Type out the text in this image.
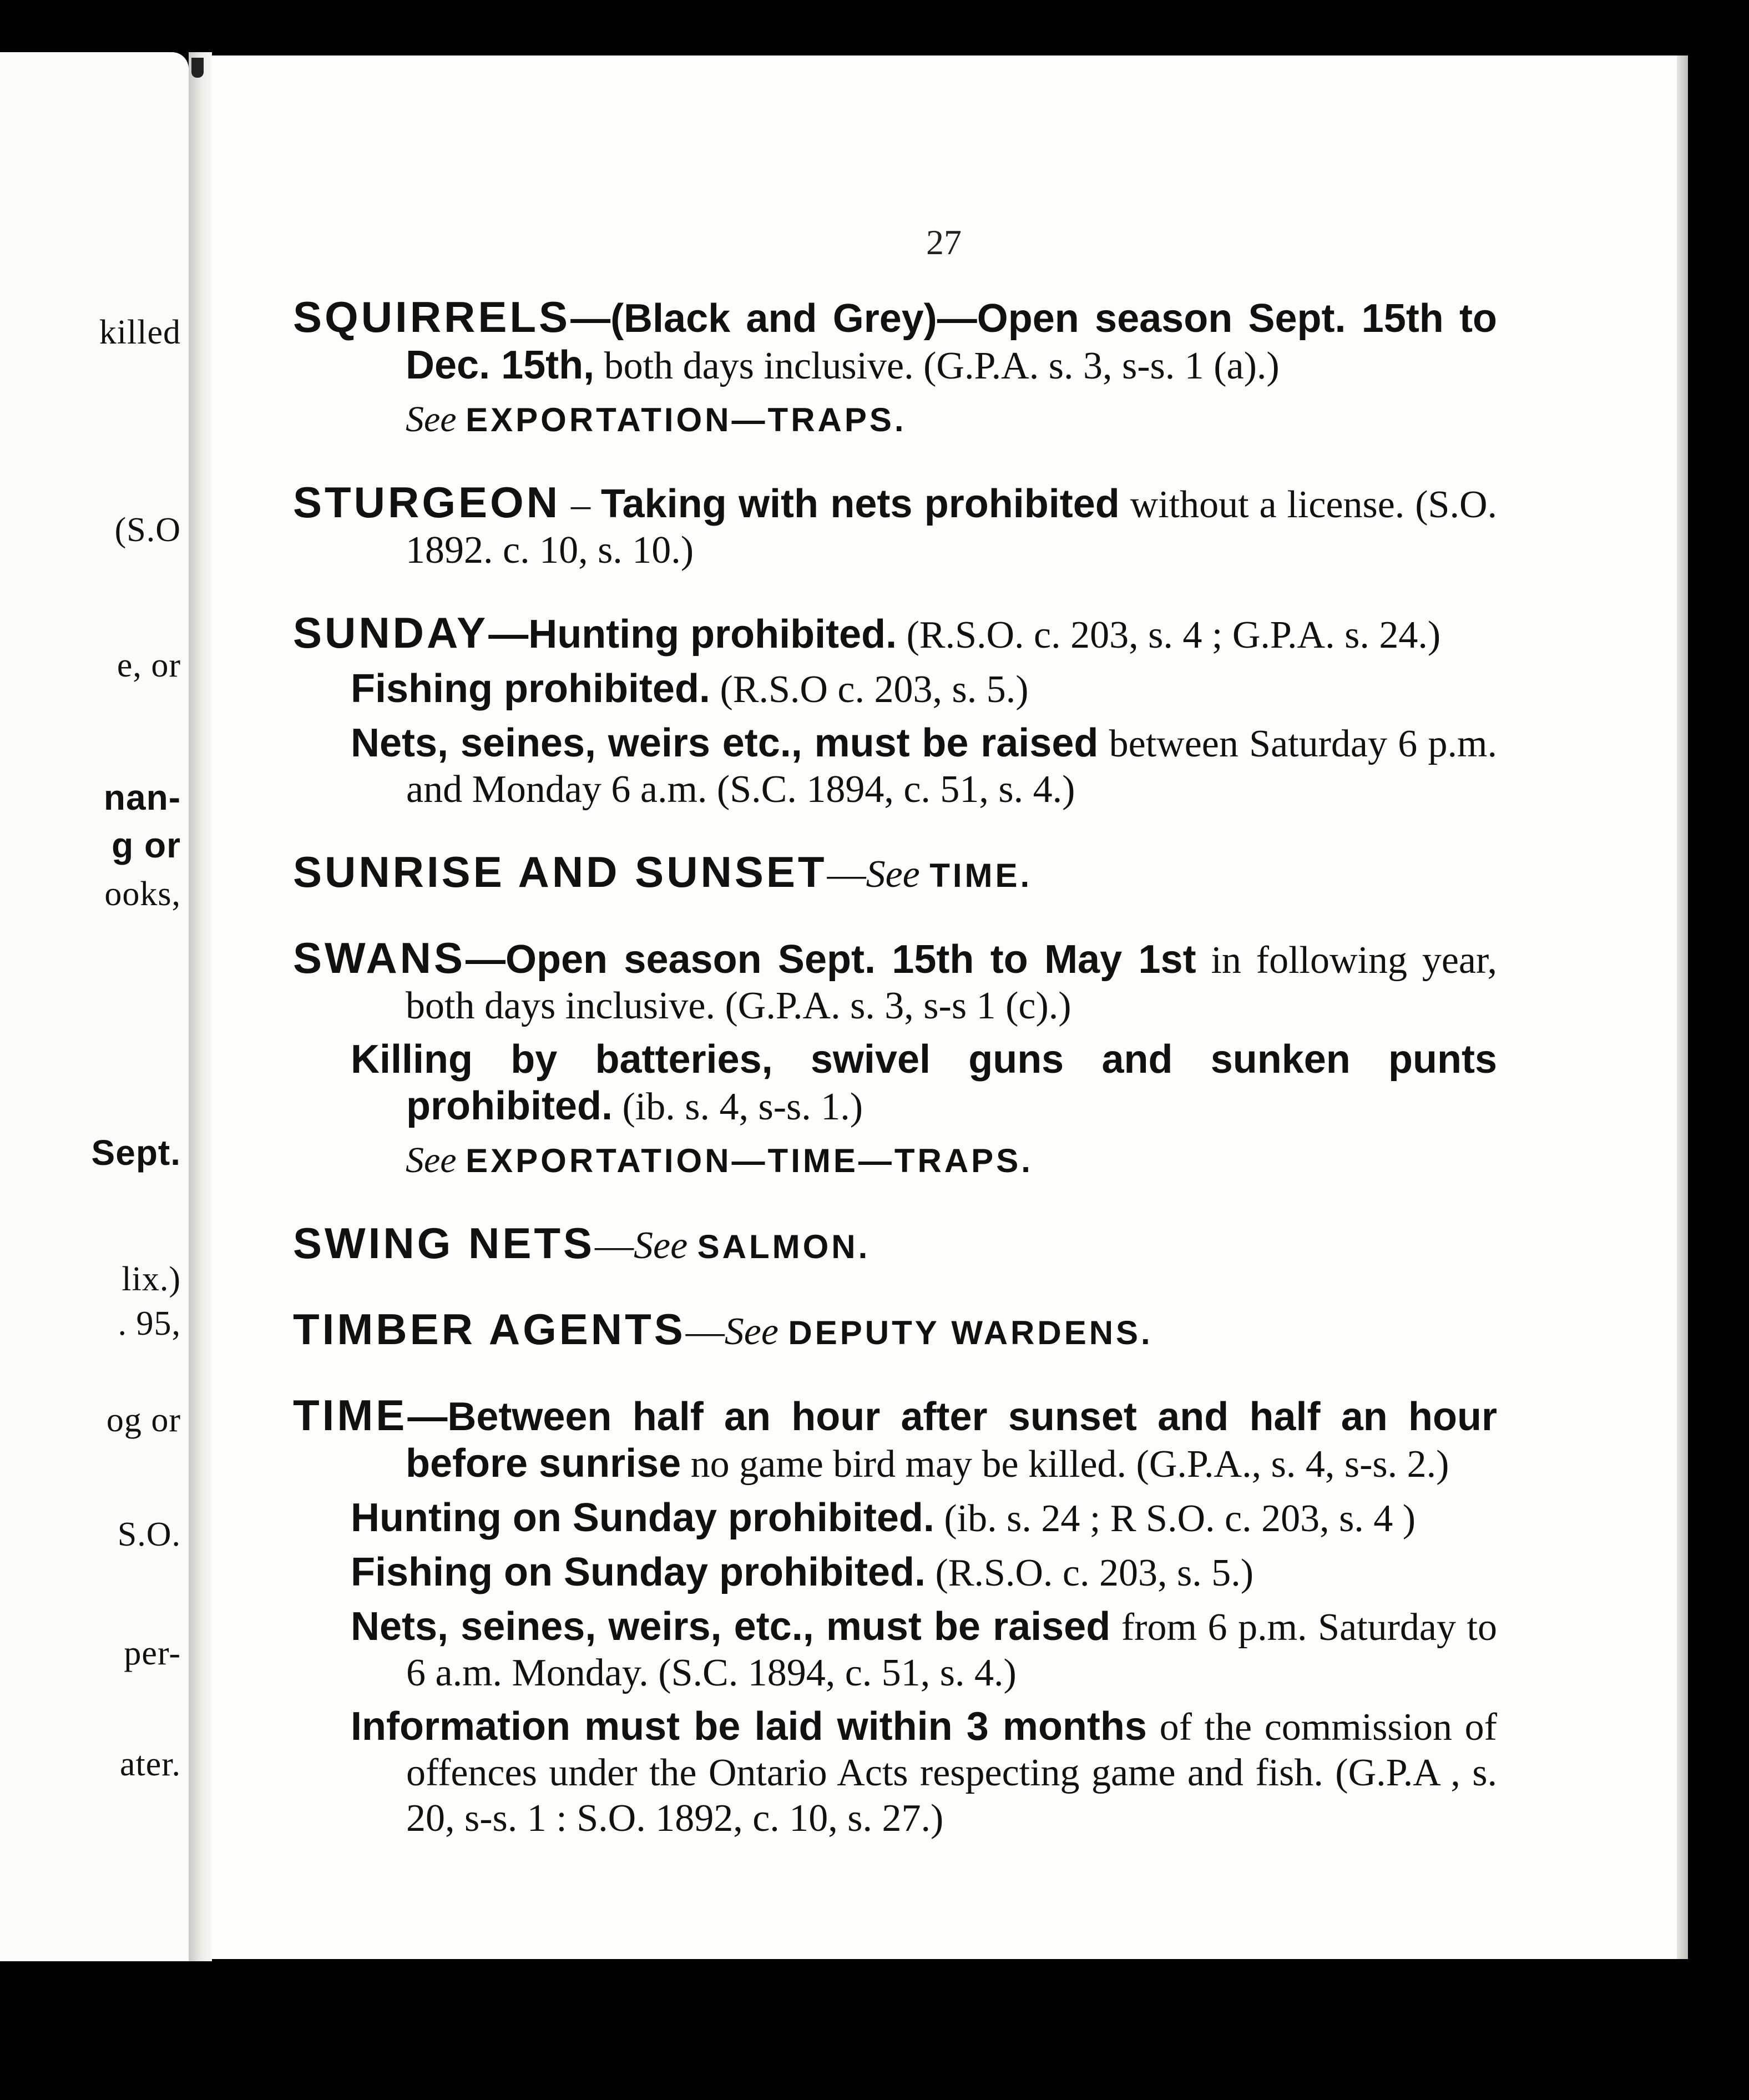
killed
(S.O
e, or
nan-
g or
ooks,
Sept.
lix.)
. 95,
og or
S.O.
per-
ater.
27
SQUIRRELS—(Black and Grey)—Open season Sept. 15th to Dec. 15th, both days inclusive. (G.P.A. s. 3, s-s. 1 (a).)
See EXPORTATION—TRAPS.
STURGEON – Taking with nets prohibited without a license. (S.O. 1892. c. 10, s. 10.)
SUNDAY—Hunting prohibited. (R.S.O. c. 203, s. 4 ; G.P.A. s. 24.)
Fishing prohibited. (R.S.O c. 203, s. 5.)
Nets, seines, weirs etc., must be raised between Saturday 6 p.m. and Monday 6 a.m. (S.C. 1894, c. 51, s. 4.)
SUNRISE AND SUNSET—See TIME.
SWANS—Open season Sept. 15th to May 1st in following year, both days inclusive. (G.P.A. s. 3, s-s 1 (c).)
Killing by batteries, swivel guns and sunken punts prohibited. (ib. s. 4, s-s. 1.)
See EXPORTATION—TIME—TRAPS.
SWING NETS—See SALMON.
TIMBER AGENTS—See DEPUTY WARDENS.
TIME—Between half an hour after sunset and half an hour before sunrise no game bird may be killed. (G.P.A., s. 4, s-s. 2.)
Hunting on Sunday prohibited. (ib. s. 24 ; R S.O. c. 203, s. 4 )
Fishing on Sunday prohibited. (R.S.O. c. 203, s. 5.)
Nets, seines, weirs, etc., must be raised from 6 p.m. Saturday to 6 a.m. Monday. (S.C. 1894, c. 51, s. 4.)
Information must be laid within 3 months of the commission of offences under the Ontario Acts respecting game and fish. (G.P.A , s. 20, s-s. 1 : S.O. 1892, c. 10, s. 27.)
